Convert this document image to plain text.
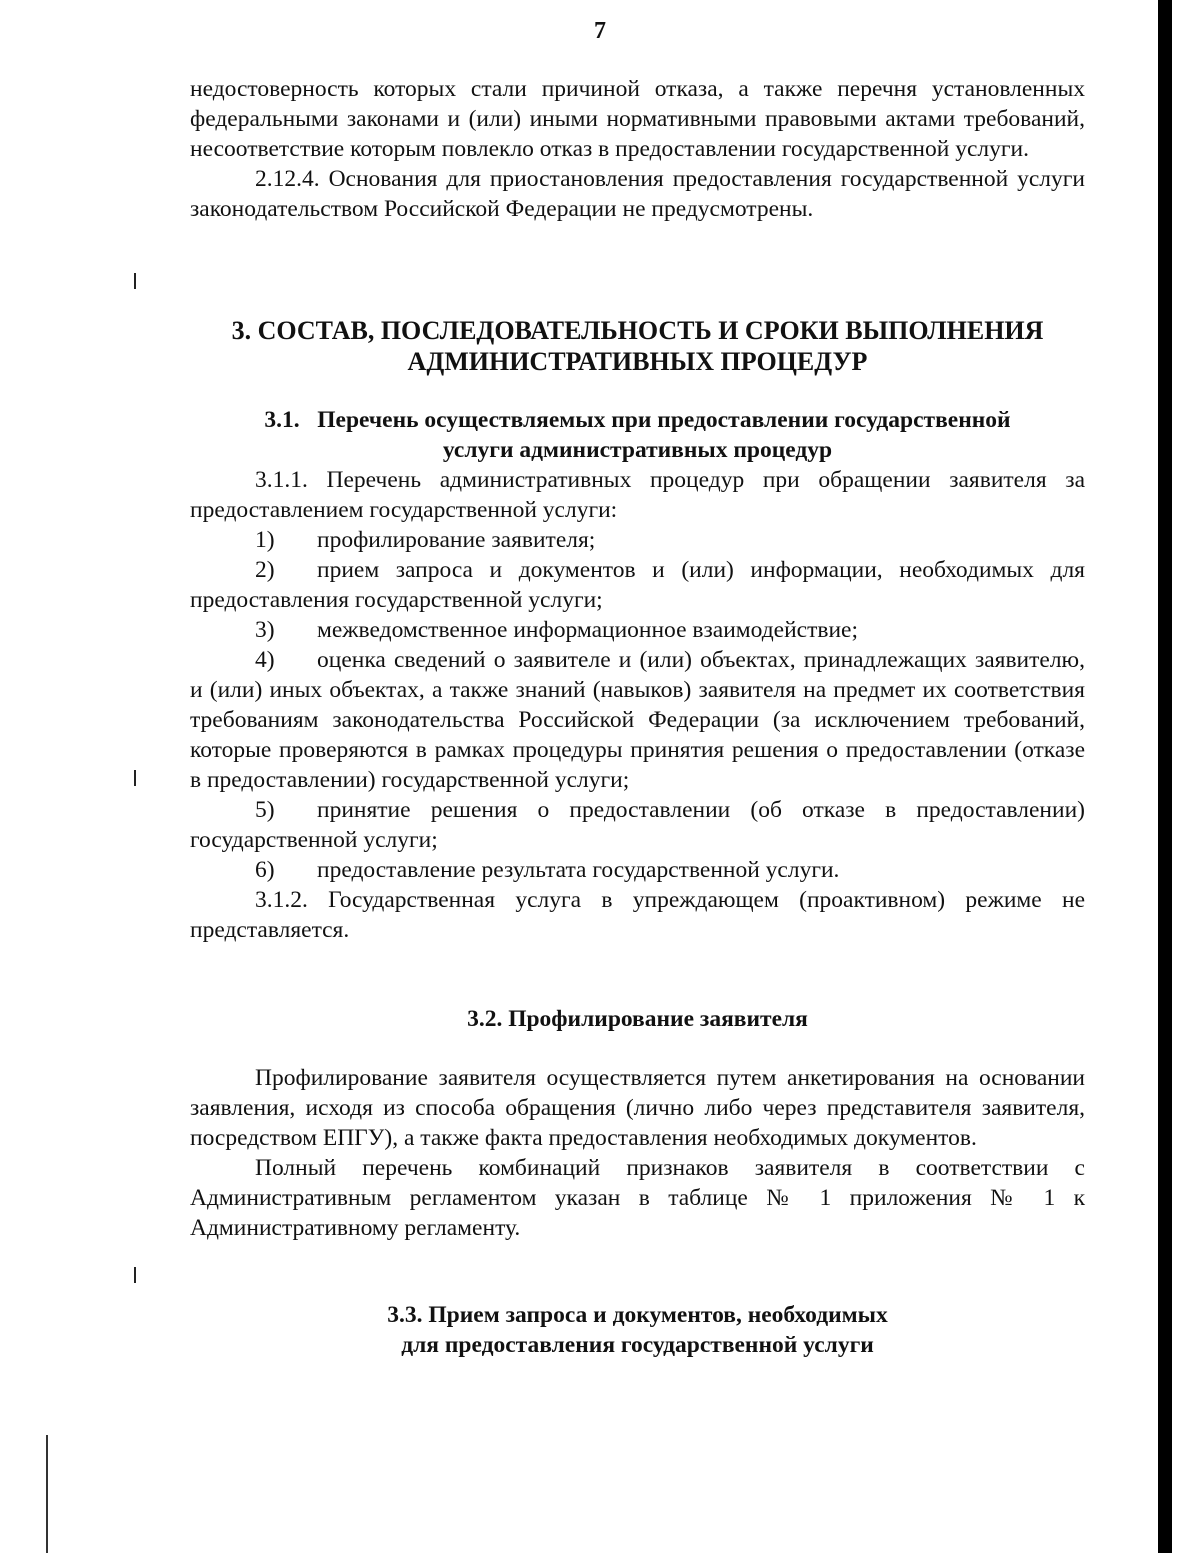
7

недостоверность которых стали причиной отказа, а также перечня установленных федеральными законами и (или) иными нормативными правовыми актами требований, несоответствие которым повлекло отказ в предоставлении государственной услуги.

2.12.4. Основания для приостановления предоставления государственной услуги законодательством Российской Федерации не предусмотрены.

3. СОСТАВ, ПОСЛЕДОВАТЕЛЬНОСТЬ И СРОКИ ВЫПОЛНЕНИЯ
АДМИНИСТРАТИВНЫХ ПРОЦЕДУР
3.1.   Перечень осуществляемых при предоставлении государственной
услуги административных процедур

3.1.1. Перечень административных процедур при обращении заявителя за предоставлением государственной услуги:

1) профилирование заявителя;

2) прием запроса и документов и (или) информации, необходимых для предоставления государственной услуги;

3) межведомственное информационное взаимодействие;

4) оценка сведений о заявителе и (или) объектах, принадлежащих заявителю, и (или) иных объектах, а также знаний (навыков) заявителя на предмет их соответствия требованиям законодательства Российской Федерации (за исключением требований, которые проверяются в рамках процедуры принятия решения о предоставлении (отказе в предоставлении) государственной услуги;

5) принятие решения о предоставлении (об отказе в предоставлении) государственной услуги;

6) предоставление результата государственной услуги.

3.1.2. Государственная услуга в упреждающем (проактивном) режиме не представляется.

3.2. Профилирование заявителя

Профилирование заявителя осуществляется путем анкетирования на основании заявления, исходя из способа обращения (лично либо через представителя заявителя, посредством ЕПГУ), а также факта предоставления необходимых документов.

Полный перечень комбинаций признаков заявителя в соответствии с Административным регламентом указан в таблице № 1 приложения № 1 к Административному регламенту.

3.3. Прием запроса и документов, необходимых
для предоставления государственной услуги
